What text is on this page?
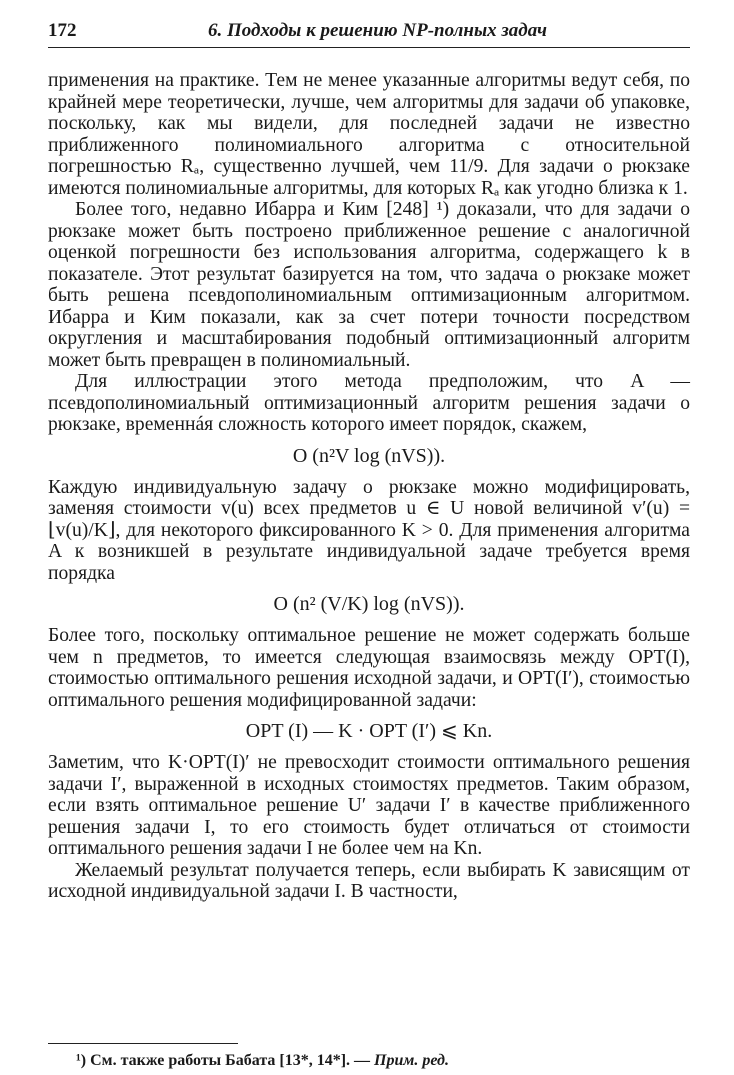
172	6. Подходы к решению NP-полных задач

применения на практике. Тем не менее указанные алгоритмы ведут себя, по крайней мере теоретически, лучше, чем алгоритмы для задачи об упаковке, поскольку, как мы видели, для последней задачи не известно приближенного полиномиального алгоритма с относительной погрешностью Rₐ, существенно лучшей, чем 11/9. Для задачи о рюкзаке имеются полиномиальные алгоритмы, для которых Rₐ как угодно близка к 1.

Более того, недавно Ибарра и Ким [248] ¹) доказали, что для задачи о рюкзаке может быть построено приближенное решение с аналогичной оценкой погрешности без использования алгоритма, содержащего k в показателе. Этот результат базируется на том, что задача о рюкзаке может быть решена псевдополиномиальным оптимизационным алгоритмом. Ибарра и Ким показали, как за счет потери точности посредством округления и масштабирования подобный оптимизационный алгоритм может быть превращен в полиномиальный.

Для иллюстрации этого метода предположим, что A — псевдополиномиальный оптимизационный алгоритм решения задачи о рюкзаке, временнáя сложность которого имеет порядок, скажем,

O (n²V log (nVS)).

Каждую индивидуальную задачу о рюкзаке можно модифицировать, заменяя стоимости v(u) всех предметов u ∈ U новой величиной v′(u) = ⌊v(u)/K⌋, для некоторого фиксированного K > 0. Для применения алгоритма A к возникшей в результате индивидуальной задаче требуется время порядка

O (n² (V/K) log (nVS)).

Более того, поскольку оптимальное решение не может содержать больше чем n предметов, то имеется следующая взаимосвязь между OPT(I), стоимостью оптимального решения исходной задачи, и OPT(I′), стоимостью оптимального решения модифицированной задачи:

OPT (I) — K · OPT (I′) ⩽ Kn.

Заметим, что K·OPT(I)′ не превосходит стоимости оптимального решения задачи I′, выраженной в исходных стоимостях предметов. Таким образом, если взять оптимальное решение U′ задачи I′ в качестве приближенного решения задачи I, то его стоимость будет отличаться от стоимости оптимального решения задачи I не более чем на Kn.

Желаемый результат получается теперь, если выбирать K зависящим от исходной индивидуальной задачи I. В частности,

¹) См. также работы Бабата [13*, 14*]. — Прим. ред.
